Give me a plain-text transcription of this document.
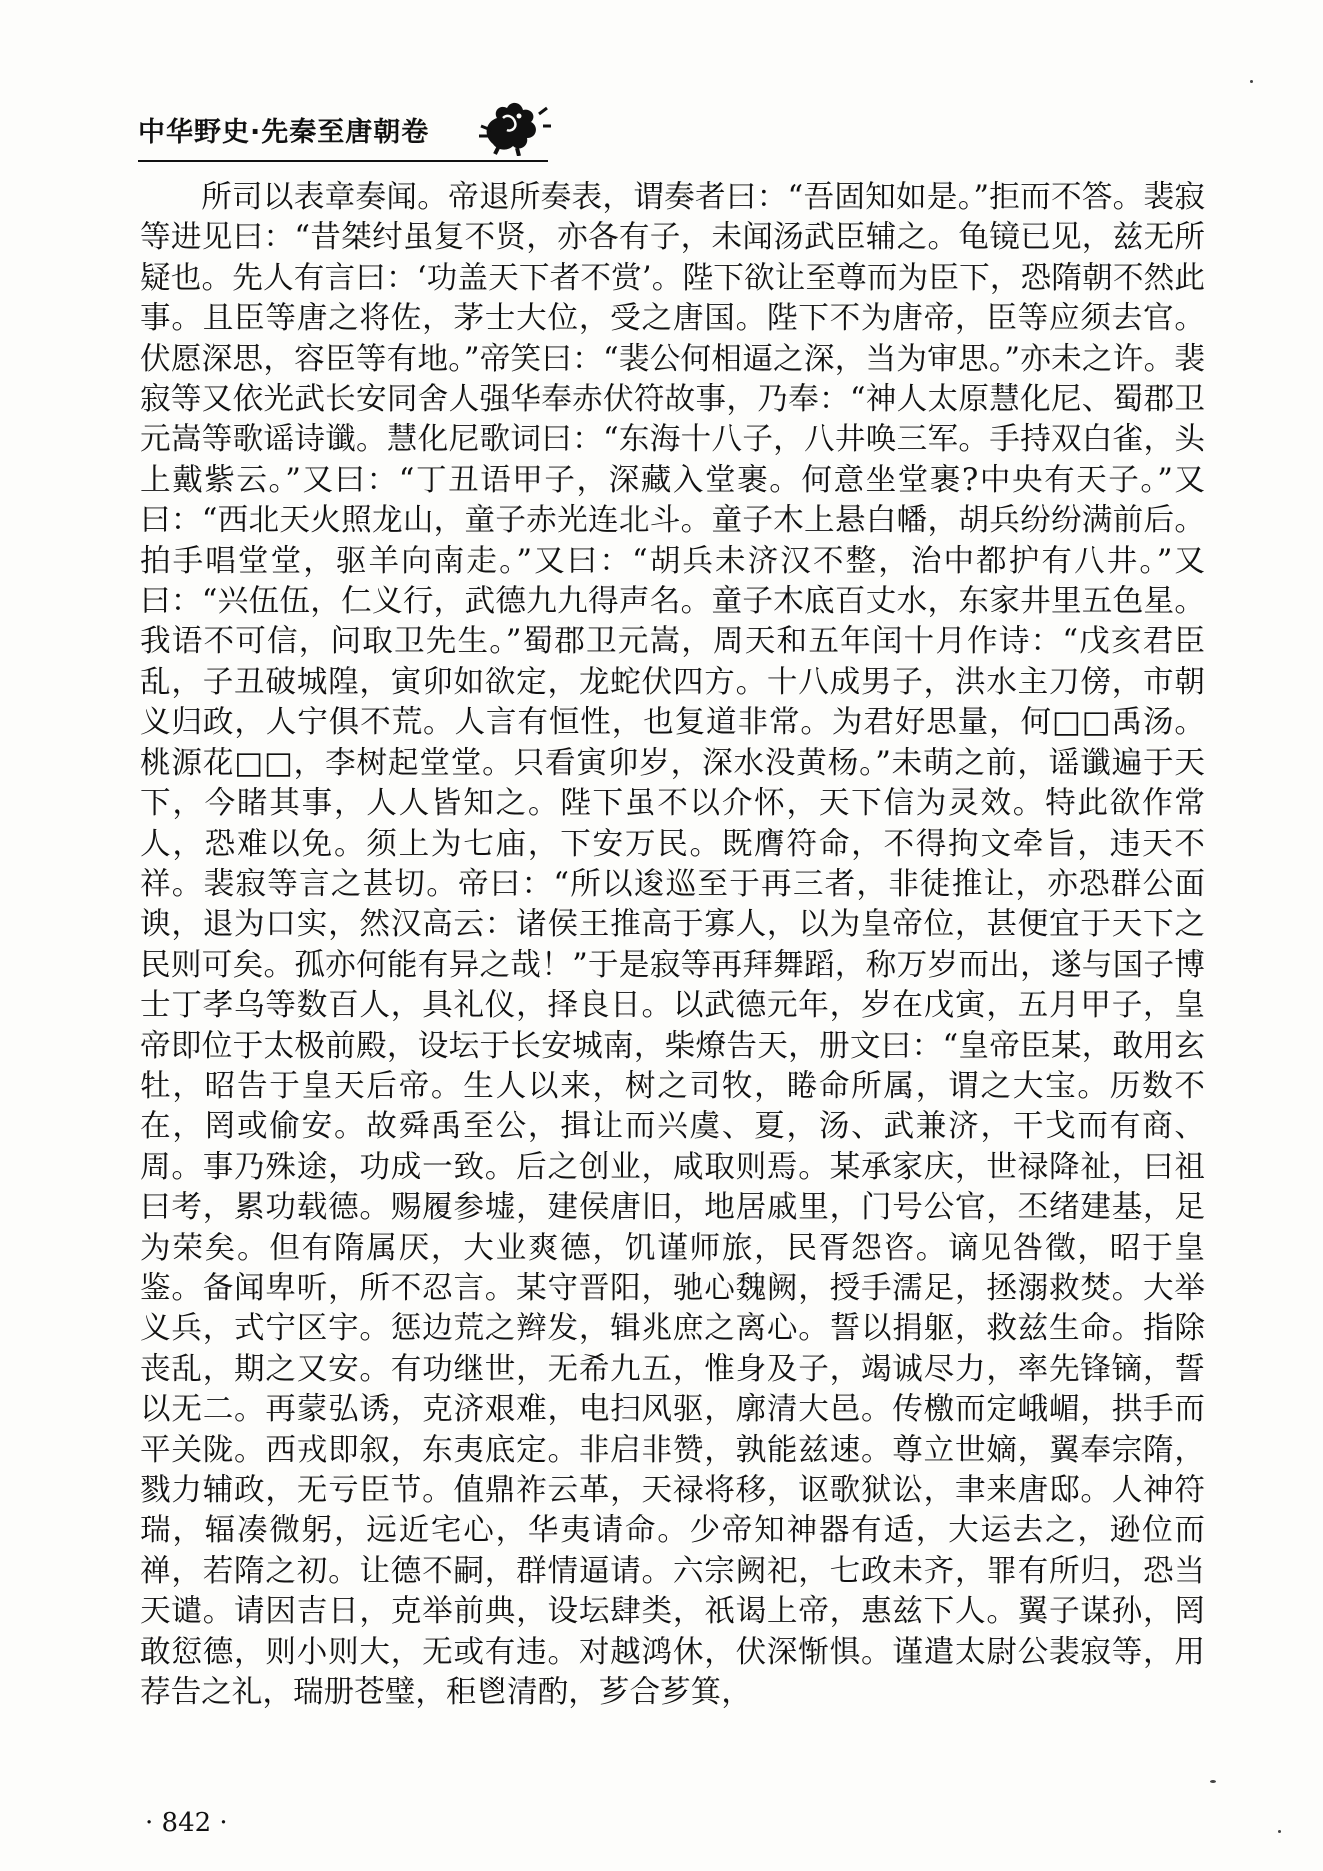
中华野史·先秦至唐朝卷

所司以表章奏闻。帝退所奏表，谓奏者曰：“吾固知如是。”拒而不答。裴寂等进见曰：“昔桀纣虽复不贤，亦各有子，未闻汤武臣辅之。龟镜已见，兹无所疑也。先人有言曰：‘功盖天下者不赏’。陛下欲让至尊而为臣下，恐隋朝不然此事。且臣等唐之将佐，茅士大位，受之唐国。陛下不为唐帝，臣等应须去官。伏愿深思，容臣等有地。”帝笑曰：“裴公何相逼之深，当为审思。”亦未之许。裴寂等又依光武长安同舍人强华奉赤伏符故事，乃奉：“神人太原慧化尼、蜀郡卫元嵩等歌谣诗谶。慧化尼歌词曰：“东海十八子，八井唤三军。手持双白雀，头上戴紫云。”又曰：“丁丑语甲子，深藏入堂裹。何意坐堂裹?中央有天子。”又曰：“西北天火照龙山，童子赤光连北斗。童子木上悬白幡，胡兵纷纷满前后。拍手唱堂堂，驱羊向南走。”又曰：“胡兵未济汉不整，治中都护有八井。”又曰：“兴伍伍，仁义行，武德九九得声名。童子木底百丈水，东家井里五色星。我语不可信，问取卫先生。”蜀郡卫元嵩，周天和五年闰十月作诗：“戊亥君臣乱，子丑破城隍，寅卯如欲定，龙蛇伏四方。十八成男子，洪水主刀傍，市朝义归政，人宁俱不荒。人言有恒性，也复道非常。为君好思量，何□□禹汤。桃源花□□，李树起堂堂。只看寅卯岁，深水没黄杨。”未萌之前，谣谶遍于天下，今睹其事，人人皆知之。陛下虽不以介怀，天下信为灵效。特此欲作常人，恐难以免。须上为七庙，下安万民。既膺符命，不得拘文牵旨，违天不祥。裴寂等言之甚切。帝曰：“所以逡巡至于再三者，非徒推让，亦恐群公面谀，退为口实，然汉高云：诸侯王推高于寡人，以为皇帝位，甚便宜于天下之民则可矣。孤亦何能有异之哉！”于是寂等再拜舞蹈，称万岁而出，遂与国子博士丁孝乌等数百人，具礼仪，择良日。以武德元年，岁在戊寅，五月甲子，皇帝即位于太极前殿，设坛于长安城南，柴燎告天，册文曰：“皇帝臣某，敢用玄牡，昭告于皇天后帝。生人以来，树之司牧，睠命所属，谓之大宝。历数不在，罔或偷安。故舜禹至公，揖让而兴虞、夏，汤、武兼济，干戈而有商、周。事乃殊途，功成一致。后之创业，咸取则焉。某承家庆，世禄降祉，曰祖曰考，累功载德。赐履参墟，建侯唐旧，地居戚里，门号公官，丕绪建基，足为荣矣。但有隋属厌，大业爽德，饥谨师旅，民胥怨咨。谪见咎徵，昭于皇鉴。备闻卑听，所不忍言。某守晋阳，驰心魏阙，授手濡足，拯溺救焚。大举义兵，式宁区宇。惩边荒之辫发，辑兆庶之离心。誓以捐躯，救兹生命。指除丧乱，期之又安。有功继世，无希九五，惟身及子，竭诚尽力，率先锋镝，誓以无二。再蒙弘诱，克济艰难，电扫风驱，廓清大邑。传檄而定峨嵋，拱手而平关陇。西戎即叙，东夷底定。非启非赞，孰能兹速。尊立世嫡，翼奉宗隋，戮力辅政，无亏臣节。值鼎祚云革，天禄将移，讴歌狱讼，聿来唐邸。人神符瑞，辐凑微躬，远近宅心，华夷请命。少帝知神器有适，大运去之，逊位而禅，若隋之初。让德不嗣，群情逼请。六宗阙祀，七政未齐，罪有所归，恐当天谴。请因吉日，克举前典，设坛肆类，祇谒上帝，惠兹下人。翼子谋孙，罔敢愆德，则小则大，无或有违。对越鸿休，伏深惭惧。谨遣太尉公裴寂等，用荐告之礼，瑞册苍璧，秬鬯清酌，芗合芗箕，

· 842 ·
